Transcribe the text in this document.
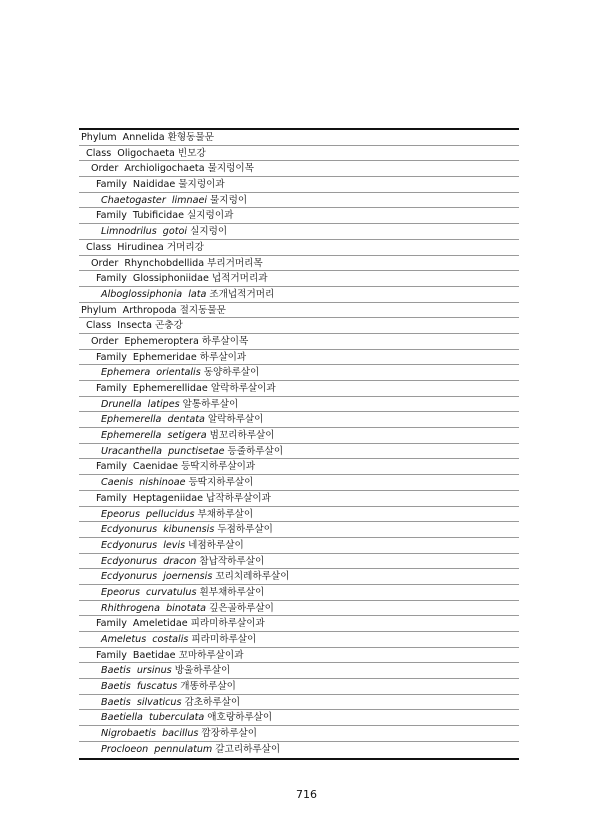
Phylum Annelida 환형동물문
Class Oligochaeta 빈모강
Order Archioligochaeta 물지렁이목
Family Naididae 물지렁이과
Chaetogaster limnaei 물지렁이
Family Tubificidae 실지렁이과
Limnodrilus gotoi 실지렁이
Class Hirudinea 거머리강
Order Rhynchobdellida 부리거머리목
Family Glossiphoniidae 넙적거머리과
Alboglossiphonia lata 조개넙적거머리
Phylum Arthropoda 절지동물문
Class Insecta 곤충강
Order Ephemeroptera 하루살이목
Family Ephemeridae 하루살이과
Ephemera orientalis 동양하루살이
Family Ephemerellidae 알락하루살이과
Drunella latipes 알통하루살이
Ephemerella dentata 알락하루살이
Ephemerella setigera 범꼬리하루살이
Uracanthella punctisetae 등줄하루살이
Family Caenidae 등딱지하루살이과
Caenis nishinoae 등딱지하루살이
Family Heptageniidae 납작하루살이과
Epeorus pellucidus 부채하루살이
Ecdyonurus kibunensis 두점하루살이
Ecdyonurus levis 네점하루살이
Ecdyonurus dracon 참납작하루살이
Ecdyonurus joernensis 꼬리치레하루살이
Epeorus curvatulus 흰부채하루살이
Rhithrogena binotata 깊은골하루살이
Family Ameletidae 피라미하루살이과
Ameletus costalis 피라미하루살이
Family Baetidae 꼬마하루살이과
Baetis ursinus 방울하루살이
Baetis fuscatus 개똥하루살이
Baetis silvaticus 감초하루살이
Baetiella tuberculata 애호랑하루살이
Nigrobaetis bacillus 깜장하루살이
Procloeon pennulatum 갈고리하루살이
716
